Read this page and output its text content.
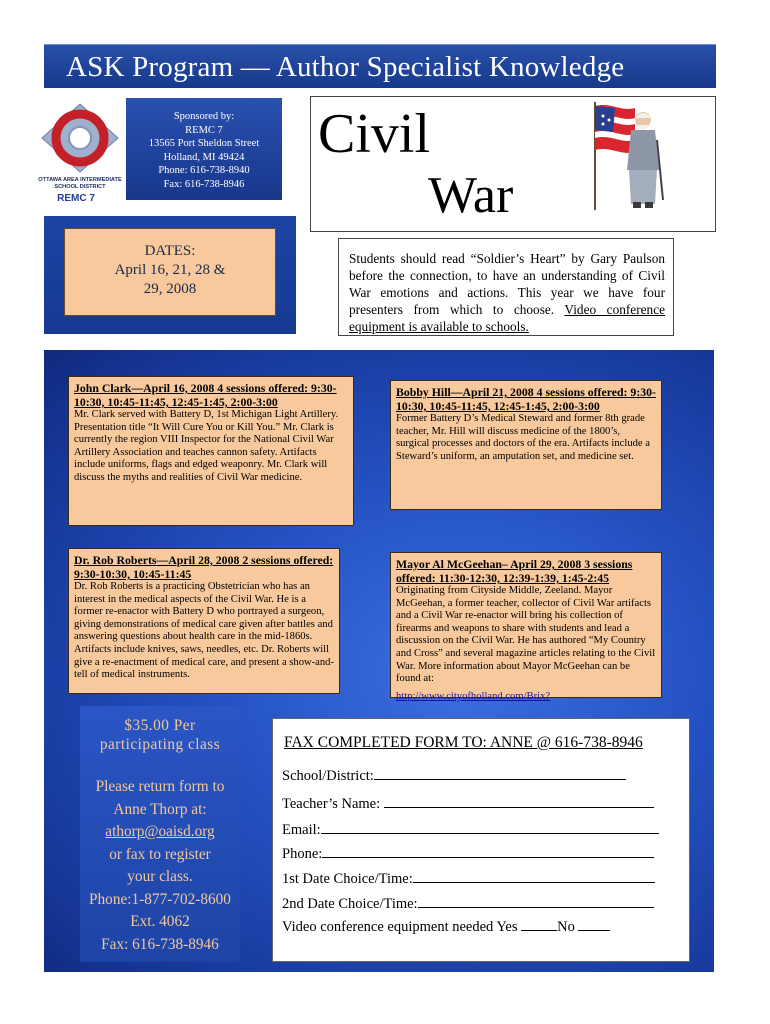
ASK Program — Author Specialist Knowledge
OTTAWA AREA INTERMEDIATE
SCHOOL DISTRICT
REMC 7
Sponsored by:
REMC 7
13565 Port Sheldon Street
Holland, MI 49424
Phone: 616-738-8940
Fax: 616-738-8946
Civil
War
DATES:
April 16, 21, 28 &
29, 2008
Students should read “Soldier’s Heart” by Gary Paulson before the connection, to have an understanding of Civil War emotions and actions. This year we have four presenters from which to choose. Video conference equipment is available to schools.
John Clark—April 16, 2008 4 sessions offered: 9:30-10:30, 10:45-11:45, 12:45-1:45, 2:00-3:00
Mr. Clark served with Battery D, 1st Michigan Light Artillery. Presentation title “It Will Cure You or Kill You.” Mr. Clark is currently the region VIII Inspector for the National Civil War Artillery Association and teaches cannon safety. Artifacts include uniforms, flags and edged weaponry. Mr. Clark will discuss the myths and realities of Civil War medicine.
Bobby Hill—April 21, 2008 4 sessions offered: 9:30-10:30, 10:45-11:45, 12:45-1:45, 2:00-3:00
Former Battery D’s Medical Steward and former 8th grade teacher, Mr. Hill will discuss medicine of the 1800’s, surgical processes and doctors of the era. Artifacts include a Steward’s uniform, an amputation set, and medicine set.
Dr. Rob Roberts—April 28, 2008 2 sessions offered: 9:30-10:30, 10:45-11:45
Dr. Rob Roberts is a practicing Obstetrician who has an interest in the medical aspects of the Civil War. He is a former re-enactor with Battery D who portrayed a surgeon, giving demonstrations of medical care given after battles and answering questions about health care in the mid-1860s. Artifacts include knives, saws, needles, etc. Dr. Roberts will give a re-enactment of medical care, and present a show-and-tell of medical instruments.
Mayor Al McGeehan– April 29, 2008 3 sessions offered: 11:30-12:30, 12:39-1:39, 1:45-2:45
Originating from Cityside Middle, Zeeland. Mayor McGeehan, a former teacher, collector of Civil War artifacts and a Civil War re-enactor will bring his collection of firearms and weapons to share with students and lead a discussion on the Civil War. He has authored “My Country and Cross” and several magazine articles relating to the Civil War. More information about Mayor McGeehan can be found at:
http://www.cityofholland.com/Brix?
$35.00 Per
participating class
Please return form to
Anne Thorp at:
athorp@oaisd.org
or fax to register
your class.
Phone:1-877-702-8600
Ext. 4062
Fax: 616-738-8946
FAX COMPLETED FORM TO: ANNE @ 616-738-8946
School/District:
Teacher’s Name:
Email:
Phone:
1st Date Choice/Time:
2nd Date Choice/Time:
Video conference equipment needed Yes No
